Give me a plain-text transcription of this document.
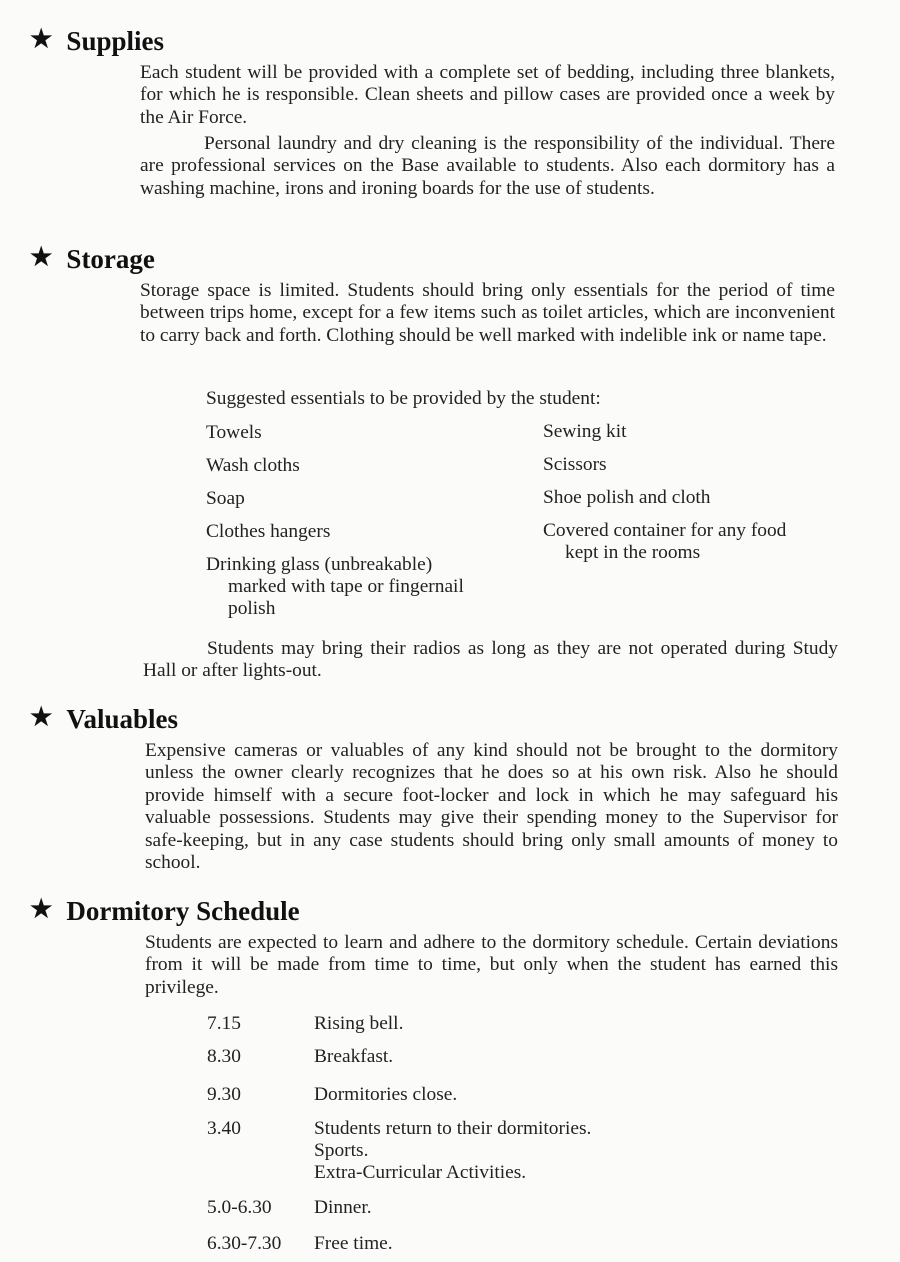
★ Supplies

Each student will be provided with a complete set of bedding, including three blankets, for which he is responsible. Clean sheets and pillow cases are provided once a week by the Air Force.

Personal laundry and dry cleaning is the responsibility of the individual. There are professional services on the Base available to students. Also each dormitory has a washing machine, irons and ironing boards for the use of students.

★ Storage

Storage space is limited. Students should bring only essentials for the period of time between trips home, except for a few items such as toilet articles, which are inconvenient to carry back and forth. Clothing should be well marked with indelible ink or name tape.

Suggested essentials to be provided by the student:
Towels
Wash cloths
Soap
Clothes hangers
Drinking glass (unbreakable)
marked with tape or fingernail
polish
Sewing kit
Scissors
Shoe polish and cloth
Covered container for any food
kept in the rooms

Students may bring their radios as long as they are not operated during Study Hall or after lights-out.

★ Valuables

Expensive cameras or valuables of any kind should not be brought to the dormitory unless the owner clearly recognizes that he does so at his own risk. Also he should provide himself with a secure foot-locker and lock in which he may safeguard his valuable possessions. Students may give their spending money to the Supervisor for safe-keeping, but in any case students should bring only small amounts of money to school.

★ Dormitory Schedule

Students are expected to learn and adhere to the dormitory schedule. Certain deviations from it will be made from time to time, but only when the student has earned this privilege.

7.15	Rising bell.
8.30	Breakfast.
9.30	Dormitories close.
3.40	Students return to their dormitories.
Sports.
Extra-Curricular Activities.
5.0-6.30	Dinner.
6.30-7.30	Free time.
